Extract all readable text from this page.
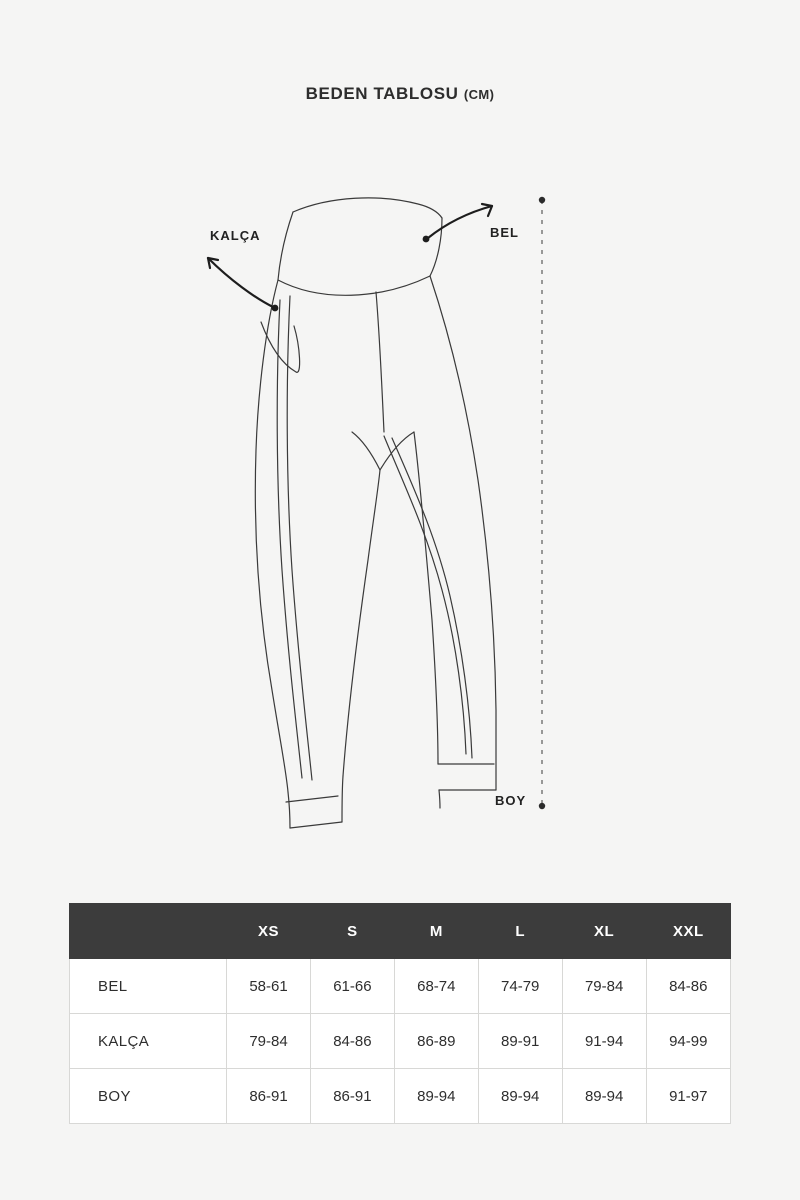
BEDEN TABLOSU (CM)
KALÇA	BEL
BOY
	XS	S	M	L	XL	XXL
BEL	58-61	61-66	68-74	74-79	79-84	84-86
KALÇA	79-84	84-86	86-89	89-91	91-94	94-99
BOY	86-91	86-91	89-94	89-94	89-94	91-97
